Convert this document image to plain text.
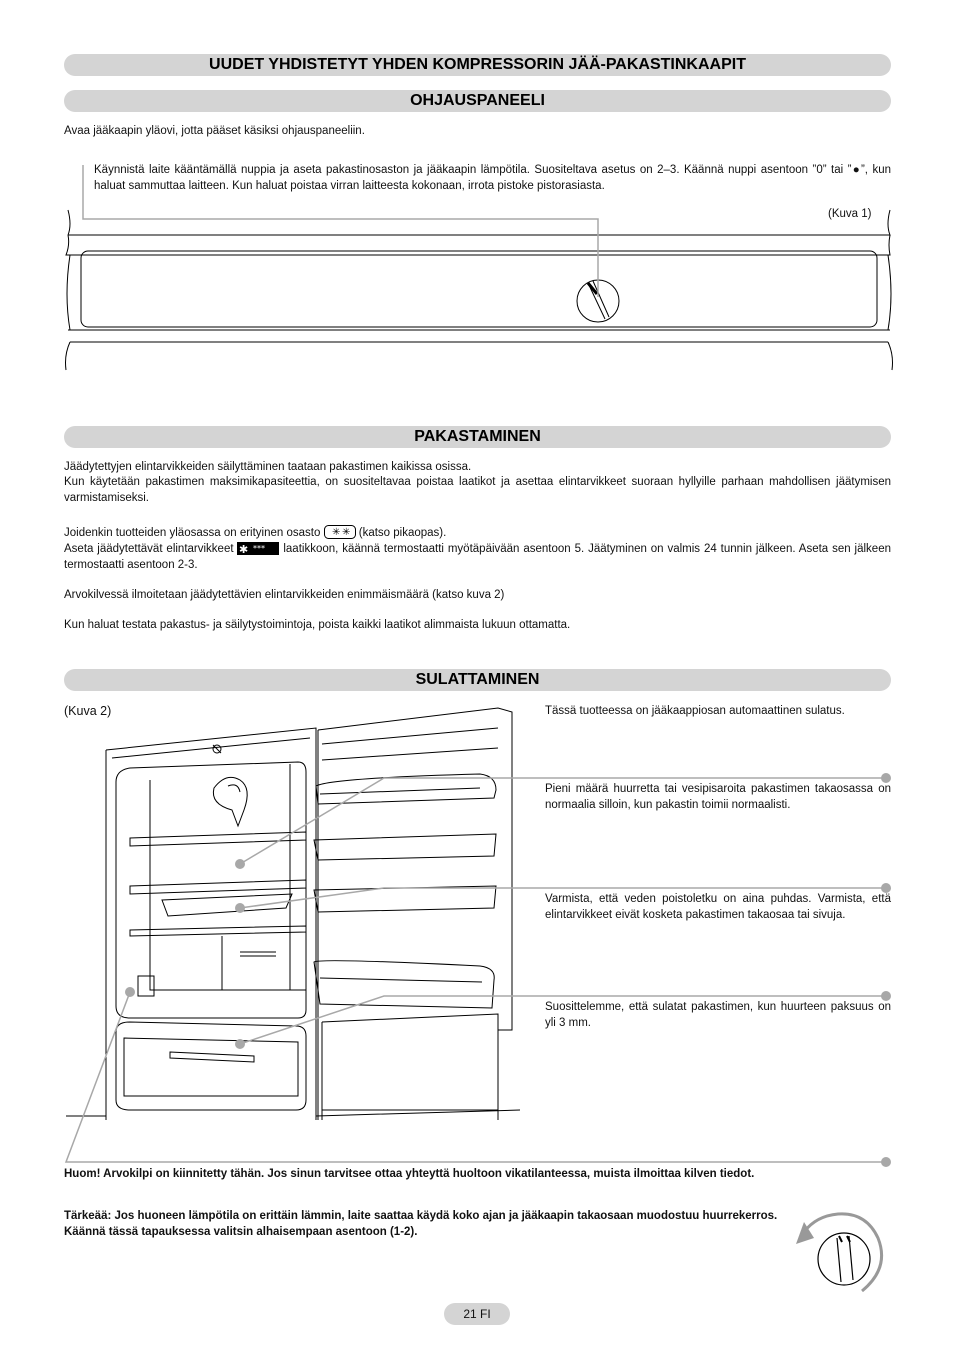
UUDET YHDISTETYT YHDEN KOMPRESSORIN JÄÄ-PAKASTINKAAPIT
OHJAUSPANEELI

Avaa jääkaapin yläovi, jotta pääset käsiksi ohjauspaneeliin.

Käynnistä laite kääntämällä nuppia ja aseta pakastinosaston ja jääkaapin lämpötila. Suositeltava asetus on 2–3. Käännä nuppi asentoon ”0” tai ”●”, kun haluat sammuttaa laitteen. Kun haluat poistaa virran laitteesta kokonaan, irrota pistoke pistorasiasta.

(Kuva 1)

PAKASTAMINEN

Jäädytettyjen elintarvikkeiden säilyttäminen taataan pakastimen kaikissa osissa.

Kun käytetään pakastimen maksimikapasiteettia, on suositeltavaa poistaa laatikot ja asettaa elintarvikkeet suoraan hyllyille parhaan mahdollisen jäätymisen varmistamiseksi.

Joidenkin tuotteiden yläosassa on erityinen osasto ✳ ✳ (katso pikaopas).

Aseta jäädytettävät elintarvikkeet ✱ *** laatikkoon, käännä termostaatti myötäpäivään asentoon 5. Jäätyminen on valmis 24 tunnin jälkeen. Aseta sen jälkeen termostaatti asentoon 2-3.

Arvokilvessä ilmoitetaan jäädytettävien elintarvikkeiden enimmäismäärä (katso kuva 2)

Kun haluat testata pakastus- ja säilytystoimintoja, poista kaikki laatikot alimmaista lukuun ottamatta.

SULATTAMINEN

(Kuva 2)	Tässä tuotteessa on jääkaappiosan automaattinen sulatus.

Pieni määrä huurretta tai vesipisaroita pakastimen takaosassa on normaalia silloin, kun pakastin toimii normaalisti.

Varmista, että veden poistoletku on aina puhdas. Varmista, että elintarvikkeet eivät kosketa pakastimen takaosaa tai sivuja.

Suosittelemme, että sulatat pakastimen, kun huurteen paksuus on yli 3 mm.

Huom! Arvokilpi on kiinnitetty tähän. Jos sinun tarvitsee ottaa yhteyttä huoltoon vikatilanteessa, muista ilmoittaa kilven tiedot.

Tärkeää: Jos huoneen lämpötila on erittäin lämmin, laite saattaa käydä koko ajan ja jääkaapin takaosaan muodostuu huurrekerros. Käännä tässä tapauksessa valitsin alhaisempaan asentoon (1-2).

21 FI
